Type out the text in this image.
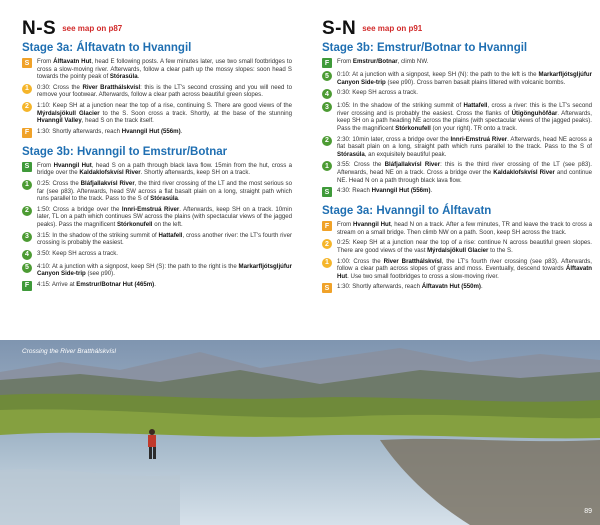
N-S see map on p87
Stage 3a: Álftavatn to Hvanngil
S	From Álftavatn Hut, head E following posts. A few minutes later, use two small footbridges to cross a slow-moving river. Afterwards, follow a clear path up the mossy slopes: soon head S towards the pointy peak of Stórasúla.
1	0:30: Cross the River Bratthálskvísl: this is the LT's second crossing and you will need to remove your footwear. Afterwards, follow a clear path across beautiful green slopes.
2	1:10: Keep SH at a junction near the top of a rise, continuing S. There are good views of the Mýrdalsjökull Glacier to the S. Soon cross a track. Shortly, at the base of the stunning Hvanngil Valley, head S on the track itself.
F	1:30: Shortly afterwards, reach Hvanngil Hut (556m).
Stage 3b: Hvanngil to Emstrur/Botnar
S	From Hvanngil Hut, head S on a path through black lava flow. 15min from the hut, cross a bridge over the Kaldaklofskvísl River. Shortly afterwards, keep SH on a track.
1	0:25: Cross the Bláfjallakvísl River, the third river crossing of the LT and the most serious so far (see p83). Afterwards, head SW across a flat basalt plain on a long, straight path which runs parallel to the track. Pass to the S of Stórasúla.
2	1:50: Cross a bridge over the Innri-Emstruá River. Afterwards, keep SH on a track. 10min later, TL on a path which continues SW across the plains (with spectacular views of the jagged peaks). Pass the magnificent Stórkonufell on the left.
3	3:15: In the shadow of the striking summit of Hattafell, cross another river: the LT's fourth river crossing is probably the easiest.
4	3:50: Keep SH across a track.
5	4:10: At a junction with a signpost, keep SH (S): the path to the right is the Markarfljótsgljúfur Canyon Side-trip (see p90).
F	4:15: Arrive at Emstrur/Botnar Hut (465m).
S-N see map on p91
Stage 3b: Emstrur/Botnar to Hvanngil
F	From Emstrur/Botnar, climb NW.
5	0:10: At a junction with a signpost, keep SH (N): the path to the left is the Markarfljótsgljúfur Canyon Side-trip (see p90). Cross barren basalt plains littered with volcanic bombs.
4	0:30: Keep SH across a track.
3	1:05: In the shadow of the striking summit of Hattafell, cross a river: this is the LT's second river crossing and is probably the easiest. Cross the flanks of Útigönguhöfðar. Afterwards, keep SH on a path heading NE across the plains (with spectacular views of the jagged peaks). Pass the magnificent Stórkonufell (on your right). TR onto a track.
2	2:30: 10min later, cross a bridge over the Innri-Emstruá River. Afterwards, head NE across a flat basalt plain on a long, straight path which runs parallel to the track. Pass to the S of Stórasúla, an exquisitely beautiful peak.
1	3:55: Cross the Bláfjallakvísl River: this is the third river crossing of the LT (see p83). Afterwards, head NE on a track. Cross a bridge over the Kaldaklofskvísl River and continue NE. Head N on a path through black lava flow.
S	4:30: Reach Hvanngil Hut (556m).
Stage 3a: Hvanngil to Álftavatn
F	From Hvanngil Hut, head N on a track. After a few minutes, TR and leave the track to cross a stream on a small bridge. Then climb NW on a path. Soon, keep SH across the track.
2	0:25: Keep SH at a junction near the top of a rise: continue N across beautiful green slopes. There are good views of the vast Mýrdalsjökull Glacier to the S.
1	1:00: Cross the River Bratthálskvísl, the LT's fourth river crossing (see p83). Afterwards, follow a clear path across slopes of grass and moss. Eventually, descend towards Álftavatn Hut. Use two small footbridges to cross a slow-moving river.
S	1:30: Shortly afterwards, reach Álftavatn Hut (550m).
Crossing the River Bratthálskvísl
89
